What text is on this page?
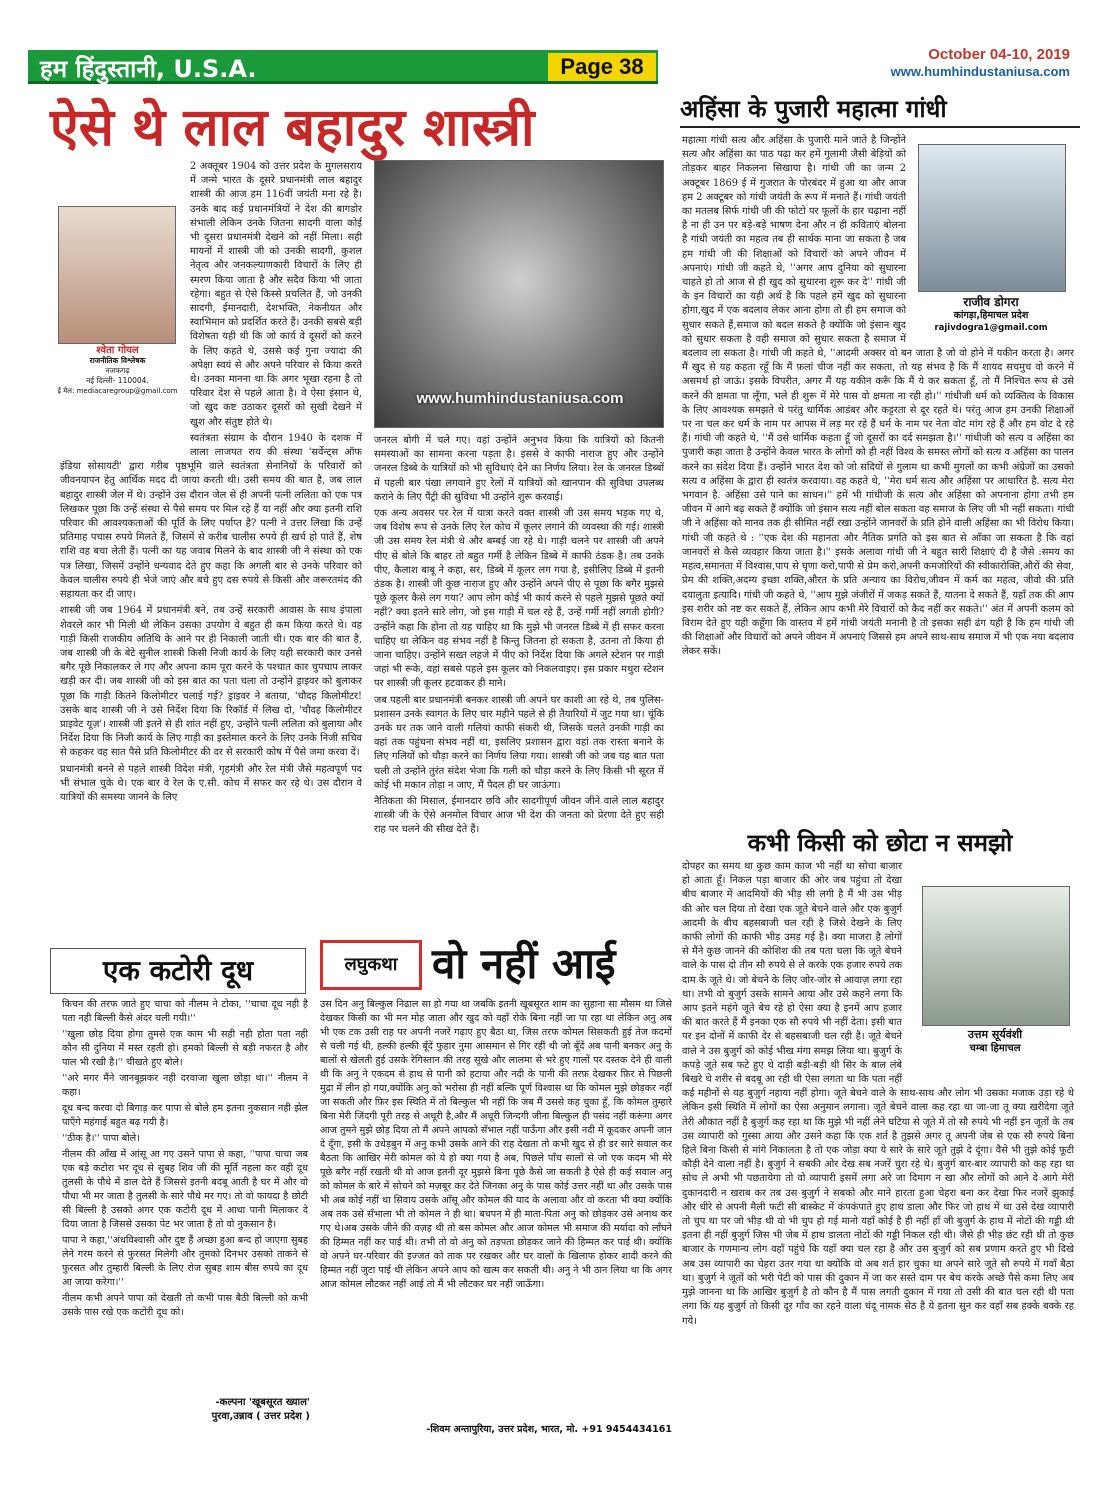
हम हिंदुस्तानी, U.S.A.	Page 38	October 04-10, 2019
www.humhindustaniusa.com
ऐसे थे लाल बहादुर शास्त्री
श्वेता गोयल
राजनीतिक विश्लेषक
नजफगढ़
नई दिल्ली- 110004.
ई मेल: mediacaregroup@gmail.com

2 अक्तूबर 1904 को उत्तर प्रदेश के मुगलसराय में जन्मे भारत के दूसरे प्रधानमंत्री लाल बहादुर शास्त्री की आज हम 116वीं जयंती मना रहे है। उनके बाद कई प्रधानमंत्रियों ने देश की बागडोर संभाली लेकिन उनके जितना सादगी वाला कोई भी दूसरा प्रधानमंत्री देखने को नहीं मिला। सही मायनों में शास्त्री जी को उनकी सादगी, कुशल नेतृत्व और जनकल्याणकारी विचारों के लिए ही स्मरण किया जाता है और सदैव किया भी जाता रहेगा। बहुत से ऐसे किस्से प्रचलित हैं, जो उनकी सादगी, ईमानदारी, देशभक्ति, नेकनीयत और स्वाभिमान को प्रदर्शित करते हैं। उनकी सबसे बड़ी विशेषता यही थी कि जो कार्य वे दूसरों को करने के लिए कहते थे, उससे कई गुना ज्यादा की अपेक्षा स्वयं से और अपने परिवार से किया करते थे। उनका मानना था कि अगर भूखा रहना है तो परिवार देश से पहले आता है। वे ऐसा इंसान थे, जो खुद कष्ट उठाकर दूसरों को सुखी देखने में खुश और संतुष्ट होते थे।

स्वतंत्रता संग्राम के दौरान 1940 के दशक में लाला लाजपत राय की संस्था 'सर्वेन्ट्स ऑफ इंडिया सोसायटी' द्वारा गरीब पृष्ठभूमि वाले स्वतंत्रता सेनानियों के परिवारों को जीवनयापन हेतु आर्थिक मदद दी जाया करती थी। उसी समय की बात है, जब लाल बहादुर शास्त्री जेल में थे। उन्होंने उस दौरान जेल से ही अपनी पत्नी ललिता को एक पत्र लिखकर पूछा कि उन्हें संस्था से पैसे समय पर मिल रहे हैं या नहीं और क्या इतनी राशि परिवार की आवश्यकताओं की पूर्ति के लिए पर्याप्त है? पत्नी ने उत्तर लिखा कि उन्हें प्रतिमाह पचास रुपये मिलते हैं, जिसमें से करीब चालीस रुपये ही खर्च हो पाते हैं, शेष राशि वह बचा लेती हैं। पत्नी का यह जवाब मिलने के बाद शास्त्री जी ने संस्था को एक पत्र लिखा, जिसमें उन्होंने धन्यवाद देते हुए कहा कि अगली बार से उनके परिवार को केवल चालीस रुपये ही भेजे जाएं और बचे हुए दस रुपये से किसी और जरूरतमंद की सहायता कर दी जाए।

शास्त्री जी जब 1964 में प्रधानमंत्री बने, तब उन्हें सरकारी आवास के साथ इंपाला शेवरले कार भी मिली थी लेकिन उसका उपयोग वे बहुत ही कम किया करते थे। वह गाड़ी किसी राजकीय अतिथि के आने पर ही निकाली जाती थी। एक बार की बात है, जब शास्त्री जी के बेटे सुनील शास्त्री किसी निजी कार्य के लिए यही सरकारी कार उनसे बगैर पूछे निकालकर ले गए और अपना काम पूरा करने के पश्चात कार चुपचाप लाकर खड़ी कर दी। जब शास्त्री जी को इस बात का पता चला तो उन्होंने ड्राइवर को बुलाकर पूछा कि गाड़ी कितने किलोमीटर चलाई गई? ड्राइवर ने बताया, 'चौदह किलोमीटर! उसके बाद शास्त्री जी ने उसे निर्देश दिया कि रिकॉर्ड में लिख दो, 'चौदह किलोमीटर प्राइवेट यूज़'। शास्त्री जी इतने से ही शांत नहीं हुए, उन्होंने पत्नी ललिता को बुलाया और निर्देश दिया कि निजी कार्य के लिए गाड़ी का इस्तेमाल करने के लिए उनके निजी सचिव से कहकर वह सात पैसे प्रति किलोमीटर की दर से सरकारी कोष में पैसे जमा करवा दें।

प्रधानमंत्री बनने से पहले शास्त्री विदेश मंत्री, गृहमंत्री और रेल मंत्री जैसे महत्वपूर्ण पद भी संभाल चुके थे। एक बार वे रेल के ए.सी. कोच में सफर कर रहे थे। उस दौरान वे यात्रियों की समस्या जानने के लिए

www.humhindustaniusa.com

जनरल बोगी में चले गए। वहां उन्होंने अनुभव किया कि यात्रियों को कितनी समस्याओं का सामना करना पड़ता है। इससे वे काफी नाराज हुए और उन्होंने जनरल डिब्बे के यात्रियों को भी सुविधाएं देने का निर्णय लिया। रेल के जनरल डिब्बों में पहली बार पंखा लगवाने हुए रेलों में यात्रियों को खानपान की सुविधा उपलब्ध कराने के लिए पैंट्री की सुविधा भी उन्होंने शुरू करवाई।

एक अन्य अवसर पर रेल में यात्रा करते वक्त शास्त्री जी उस समय भड़क गए थे, जब विशेष रूप से उनके लिए रेल कोच में कूलर लगाने की व्यवस्था की गई। शास्त्री जी उस समय रेल मंत्री थे और बम्बई जा रहे थे। गाड़ी चलने पर शास्त्री जी अपने पीए से बोले कि बाहर तो बहुत गर्मी है लेकिन डिब्बे में काफी ठंडक है। तब उनके पीए, कैलाश बाबू ने कहा, सर, डिब्बे में कूलर लग गया है, इसीलिए डिब्बे में इतनी ठंडक है। शास्त्री जी कुछ नाराज हुए और उन्होंने अपने पीए से पूछा कि बगैर मुझसे पूछे कूलर कैसे लग गया? आप लोग कोई भी कार्य करने से पहले मुझसे पूछते क्यों नहीं? क्या इतने सारे लोग, जो इस गाड़ी में चल रहे हैं, उन्हें गर्मी नहीं लगती होगी? उन्होंने कहा कि होना तो यह चाहिए था कि मुझे भी जनरल डिब्बे में ही सफर करना चाहिए था लेकिन वह संभव नहीं है किन्तु जितना हो सकता है, उतना तो किया ही जाना चाहिए। उन्होंने सख्त लहजे में पीए को निर्देश दिया कि अगले स्टेशन पर गाड़ी जहां भी रूके, वहां सबसे पहले इस कूलर को निकलवाइए। इस प्रकार मथुरा स्टेशन पर शास्त्री जी कूलर हटवाकर ही माने।

जब पहली बार प्रधानमंत्री बनकर शास्त्री जी अपने घर काशी आ रहे थे, तब पुलिस-प्रशासन उनके स्वागत के लिए चार महीने पहले से ही तैयारियों में जुट गया था। चूंकि उनके घर तक जाने वाली गलियां काफी संकरी थी, जिसके चलते उनकी गाड़ी का वहां तक पहुंचना संभव नहीं था, इसलिए प्रशासन द्वारा वहां तक रास्ता बनाने के लिए गलियों को चौड़ा करने का निर्णय लिया गया। शास्त्री जी को जब यह बात पता चली तो उन्होंने तुरंत संदेश भेजा कि गली को चौड़ा करने के लिए किसी भी सूरत में कोई भी मकान तोड़ा न जाए, मैं पैदल ही घर जाऊंगा।

नैतिकता की मिसाल, ईमानदार छवि और सादगीपूर्ण जीवन जीने वाले लाल बहादुर शास्त्री जी के ऐसे अनमोल विचार आज भी देश की जनता को प्रेरणा देते हुए सही राह पर चलने की सीख देते हैं।

अहिंसा के पुजारी महात्मा गांधी
राजीव डोगरा
कांगड़ा,हिमाचल प्रदेश
rajivdogra1@gmail.com

महात्मा गांधी सत्य और अहिंसा के पुजारी माने जाते है जिन्होंने सत्य और अहिंसा का पाठ पढ़ा कर हमें गुलामी जैसी बेड़ियों को तोड़कर बाहर निकलना सिखाया है। गांधी जी का जन्म 2 अक्टूबर 1869 ई में गुजरात के पोरबंदर में हुआ था और आज हम 2 अक्टूबर को गांधी जयंती के रूप में मनाते हैं। गांधी जयंती का मतलब सिर्फ गांधी जी की फोटो पर फूलों के हार चढ़ाना नहीं है ना ही उन पर बड़े-बड़े भाषण देना और न ही कविताएं बोलना है गांधी जयंती का महत्व तब ही सार्थक माना जा सकता है जब हम गांधी जी की शिक्षाओं को विचारों को अपने जीवन में अपनाएं। गांधी जी कहते थे, ''अगर आप दुनिया को सुधारना चाहते हो तो आज से ही खुद को सुधारना शुरू कर दे'' गांधी जी के इन विचारों का यही अर्थ है कि पहले हमें खुद को सुधारना होगा,खुद में एक बदलाव लेकर आना होगा तो ही हम समाज को सुधार सकते हैं,समाज को बदल सकते है क्योंकि जो इंसान खुद को सुधार सकता है वही समाज को सुधार सकता है समाज में बदलाव ला सकता है। गांधी जी कहते थे, ''आदमी अक्सर वो बन जाता है जो वो होने में यकीन करता है। अगर मैं खुद से यह कहता रहूँ कि मैं फ़लां चीज नहीं कर सकता, तो यह संभव है कि मैं शायद सचमुच वो करने में असमर्थ हो जाऊं। इसके विपरीत, अगर मैं यह यकीन करूँ कि मैं ये कर सकता हूँ, तो मैं निश्चित रूप से उसे करने की क्षमता पा लूँगा, भले ही शुरू में मेरे पास वो क्षमता ना रही हो।'' गांधीजी धर्म को व्यक्तित्व के विकास के लिए आवश्यक समझते थे परंतु धार्मिक आडंबर और कट्टरता से दूर रहते थे। परंतु आज हम उनकी शिक्षाओं पर ना चल कर धर्म के नाम पर आपस में लड़ मर रहे हैं धर्म के नाम पर नेता वोट मांग रहे हैं और हम वोट दे रहे हैं। गांधी जी कहते थे, ''मैं उसे धार्मिक कहता हूँ जो दूसरों का दर्द समझता है।'' गांधीजी को सत्य व अहिंसा का पुजारी कहा जाता है उन्होंने केवल भारत के लोगों को ही नहीं विश्व के समस्त लोगों को सत्य व अहिंसा का पालन करने का संदेश दिया हैं। उन्होंने भारत देश को जो सदियों से गुलाम था कभी मुगलों का कभी अंग्रेजों का उसको सत्य व अहिंसा के द्वारा ही स्वतंत्र करवाया। वह कहते थे, ''मेरा धर्म सत्य और अहिंसा पर आधारित है. सत्य मेरा भगवान है. अहिंसा उसे पाने का साधन।'' हमें भी गांधीजी के सत्य और अहिंसा को अपनाना होगा तभी हम जीवन में आगे बढ़ सकते हैं क्योंकि जो इंसान सत्य नहीं बोल सकता वह समाज के लिए जी भी नहीं सकता। गांधी जी ने अहिंसा को मानव तक ही सीमित नहीं रखा उन्होंने जानवरों के प्रति होने वाली अहिंसा का भी विरोध किया। गांधी जी कहते थे : ''एक देश की महानता और नैतिक प्रगति को इस बात से आँका जा सकता है कि वहां जानवरों से कैसे व्यवहार किया जाता है।'' इसके अलावा गांधी जी ने बहुत सारी शिक्षाएं दी है जैसे :समय का महत्व,समानता में विश्वास,पाप से घृणा करो,पापी से प्रेम करो,अपनी कमजोरियों की स्वीकारोक्ति,औरों की सेवा, प्रेम की शक्ति,अदम्य इच्छा शक्ति,औरत के प्रति अन्याय का विरोध,जीवन में कर्म का महत्व, जीवो की प्रति दयालुता इत्यादि। गांधी जी कहते थे, ''आप मुझे जंजीरों में जकड़ सकते हैं, यातना दे सकते हैं, यहाँ तक की आप इस शरीर को नष्ट कर सकते हैं, लेकिन आप कभी मेरे विचारों को कैद नहीं कर सकते।'' अंत में अपनी कलम को विराम देते हुए यही कहूँगा कि वास्तव में हमें गांधी जयंती मनानी है तो इसका सही ढंग यही है कि हम गांधी जी की शिक्षाओं और विचारों को अपने जीवन में अपनाएं जिससे हम अपने साथ-साथ समाज में भी एक नया बदलाव लेकर सकें।

कभी किसी को छोटा न समझो
उत्तम सूर्यवंशी
चम्बा हिमाचल

दोपहर का समय था कुछ काम काज भी नहीं था सोचा बाजार हो आता हूँ। निकल पड़ा बाजार की ओर जब पहुंचा तो देखा बीच बाजार में आदमियों की भीड़ सी लगी है मैं भी उस भीड़ की ओर चल दिया तो देखा एक जूते बेचने वाले और एक बुजुर्ग आदमी के बीच बहसबाजी चल रही है जिसे देखने के लिए काफी लोगों की काफी भीड़ उमड़ गई है। क्या माजरा है लोगों से मैंने कुछ जानने की कोशिश की तब पता चला कि जूते बेचने वाले के पास दो तीन सौ रुपये से ले करके एक हजार रुपये तक दाम के जूते थे। जो बेचने के लिए जोर-जोर से आवाज़ लगा रहा था। तभी वो बुजुर्ग उसके सामने आया और उसे कहने लगा कि आप इतने महंगे जूते बेच रहे हो ऐसा क्या है इनमें आप हजार की बात करते हैं मैं इनका एक सौ रुपये भी नहीं देता। इसी बात पर इन दोनों में काफी देर से बहसबाजी चल रही है। जूते बेचने वाले ने उस बुजुर्ग को कोई भीख मंगा समझ लिया था। बुजुर्ग के कपड़े जूते सब फटे हुए थे दाड़ी बड़ी-बड़ी थी सिर के बाल लंबे बिखरे थे शरीर से बदबू आ रही थी ऐसा लगता था कि पता नहीं कई महीनों से यह बुजुर्ग नहाया नहीं होगा। जूते बेचने वाले के साथ-साथ और लोग भी उसका मजाक उड़ा रहे थे लेकिन इसी स्थिति में लोगों का ऐसा अनुमान लगाना। जूते बेचने वाला कह रहा था जा-जा तू क्या खरीदेगा जूते तेरी औकात नहीं है बुजुर्ग कह रहा था कि मुझे भी नहीं लेने घटिया से जूते में तो सौ रुपये भी नहीं इन जूतों के तब उस व्यापारी को गुस्सा आया और उसने कहा कि एक शर्त है तुझसे अगर तू अपनी जेब से एक सौ रुपये बिना हिले बिना किसी से मांगे निकालता है तो एक जोड़ा क्या ये सारे के सारे जूते तुझे दे दूंगा। वैसे भी तुझे कोई फूटी कौड़ी देने वाला नहीं है। बुजुर्ग ने सबकी ओर देख सब नजरें चुरा रहे थे। बुजुर्ग बार-बार व्यापारी को कह रहा था सोच ले अभी भी पछतायेगा तो वो व्यापारी इसमें लगा अरे जा दिमाग न खा और लोगों को आने दे आगे मेरी दुकानदारी न खराब कर तब उस बुजुर्ग ने सबको और माने हारता हुआ चेहरा बना कर देखा फिर नजरें झुकाई और धीरे से अपनी मैली फटी सी बास्केट में कंपकंपाते हुए हाथ डाला और फिर जो हाथ में था उसे देख व्यापारी तो चुप था पर जो भीड़ थी वो भी चुप हो गई मानो यहाँ कोई है ही नहीं हाँ जी बुजुर्ग के हाथ में नोटों की गड्डी थी इतना ही नहीं बुजुर्ग जिस भी जेब में हाथ डालता नोटों की गड्डी निकल रही थी। जैसे ही भीड़ छंट रही थी तो कुछ बाजार के गणमान्य लोग वहाँ पहुंचे कि यहाँ क्या चल रहा है और उस बुजुर्ग को सब प्रणाम करते हुए भी दिखे अब उस व्यापारी का चेहरा उतर गया था क्योंकि वो अब शर्त हार चुका था अपने सारे जूते सौ रुपये में गवाँ बैठा था। बुजुर्ग ने जूतों को भरी पेटी को पास की दुकान में जा कर सस्ते दाम पर बेच करके अच्छे पैसे कमा लिए अब मुझे जानना था कि आखिर बुजुर्ग है तो कौन है मैं पास लगती दुकान में गया तो उसी की बात चल रही थी पता लगा कि यह बुजुर्ग तो किसी दूर गाँव का रहने वाला चंदू नामक सेठ है ये इतना सुन कर वहाँ सब हक्के बक्के रह गये।

एक कटोरी दूध

किचन की तरफ जाते हुए चाचा को नीलम ने टोका, ''चाचा दूध नही है पता नही बिल्ली कैसे अंदर चली गयी।''

''खुला छोड़ दिया होगा तुमसे एक काम भी सही नही होता पता नही कौन सी दुनिया में मस्त रहती हो। हमको बिल्ली से बड़ी नफरत है और पाल भी रखी है।'' चीखते हुए बोले।

''अरे मगर मैंने जानबूझकर नही दरवाजा खुला छोड़ा था।'' नीलम ने कहा।

दूध बन्द करवा दो बिगाड़ कर पापा से बोले हम इतना नुकसान नही झेल पाएँगे महंगाई बहुत बढ़ गयी है।

''ठीक है।'' पापा बोले।

नीलम की आँख में आंसू आ गए उसने पापा से कहा, ''पापा चाचा जब एक बड़े कटोरा भर दूध से सुबह शिव जी की मूर्ति नहला कर वही दूध तुलसी के पौधे में डाल देते हैं जिससे इतनी बदबू आती है घर में और वो पौधा भी मर जाता है तुलसी के सारे पौधे मर गए। तो वो फायदा है छोटी सी बिल्ली है उसको अगर एक कटोरी दूध में आधा पानी मिलाकर दे दिया जाता है जिससे उसका पेट भर जाता है तो वो नुकसान है।

पापा ने कहा,''अंधविश्वासी और दुष्ट हैं अच्छा हुआ बन्द हो जाएगा सुबह लेने गरम करने से फुरसत मिलेगी और तुमको दिनभर उसको ताकने से फुरसत और तुम्हारी बिल्ली के लिए रोज सुबह शाम बीस रुपये का दूध आ जाया करेगा।''

नीलम कभी अपने पापा को देखती तो कभी पास बैठी बिल्ली को कभी उसके पास रखे एक कटोरी दूध को।

-कल्पना 'खूबसूरत ख्याल'
पुरवा,उन्नाव ( उत्तर प्रदेश )
लघुकथा वो नहीं आई

उस दिन अनु बिल्कुल निढाल सा हो गया था जबकि इतनी खूबसूरत शाम का सुहाना सा मौसम था जिसे देखकर किसी का भी मन मोह जाता और खुद को वहाँ रोके बिना नहीं जा पा रहा था लेकिन अनु अब भी एक टक उसी राह पर अपनी नजरें गढ़ाए हुए बैठा था, जिस तरफ कोमल सिसकती हुई तेज कदमों से चली गई थी, हल्की हल्की बूँदें फुहार नुमा आसमान से गिर रहीं थी जो बूँदें अब पानी बनकर अनु के बालों से खेलती हुई उसके रेगिस्तान की तरह सूखे और लालमा से भरे हुए गालों पर दस्तक देने ही वाली थी कि अनु ने एकदम से हाथ से पानी को हटाया और नदी के पानी की तरफ़ देखकर फ़िर से पिछली मुद्रा में लीन हो गया,क्योंकि अनु को भरोसा ही नहीं बल्कि पूर्ण विश्वास था कि कोमल मुझे छोड़कर नहीं जा सकती और फ़िर इस स्थिति में तो बिल्कुल भी नहीं कि जब मैं उससे कह चुका हूँ, कि कोमल तुम्हारे बिना मेरी जिंदगी पूरी तरह से अधूरी है,और मैं अधूरी जिन्दगी जीना बिल्कुल ही पसंद नहीं करूंगा अगर आज तुमने मुझे छोड़ दिया तो मैं अपने आपको सँभाल नहीं पाऊँगा और इसी नदी में कूदकर अपनी जान दे दूँगा, इसी के उधेड़बुन में अनु कभी उसके आने की राह देखता तो कभी खुद से ही डर सारे सवाल कर बैठता कि आखिर मेरी कोमल को ये हो क्या गया है अब, पिछले पाँच सालों से जो एक कदम भी मेरे पूछे बगैर नहीं रखती थी वो आज इतनी दूर मुझसे बिना पूछे कैसे जा सकती है ऐसे ही कई सवाल अनु को कोमल के बारे में सोचने को मज़बूर कर देते जिनका अनु के पास कोई उत्तर नहीं था और उसके पास भी अब कोई नहीं था सिवाय उसके आँसू और कोमल की याद के अलावा और वो करता भी क्या क्योंकि अब तक उसे सँभाला भी तो कोमल ने ही था। बचपन में ही माता-पिता अनु को छोड़कर उसे अनाथ कर गए थे।अब उसके जीने की वज़ह थी तो बस कोमल और आज कोमल भी समाज की मर्यादा को लाँघने की हिम्मत नहीं कर पाई थी। तभी तो वो अनु को तड़पता छोड़कर जाने की हिम्मत कर पाई थी। क्योंकि वो अपने घर-परिवार की इज्जत को ताक पर रखकर और घर वालों के खिलाफ होकर शादी करने की हिम्मत नहीं जुटा पाई थी लेकिन अपने आप को खत्म कर सकती थी। अनु ने भी ठान लिया था कि अगर आज कोमल लौटकर नहीं आई तो मैं भी लौटकर घर नहीं जाऊँगा।

-शिवम अन्तापुरिया, उत्तर प्रदेश, भारत, मो. +91 9454434161
